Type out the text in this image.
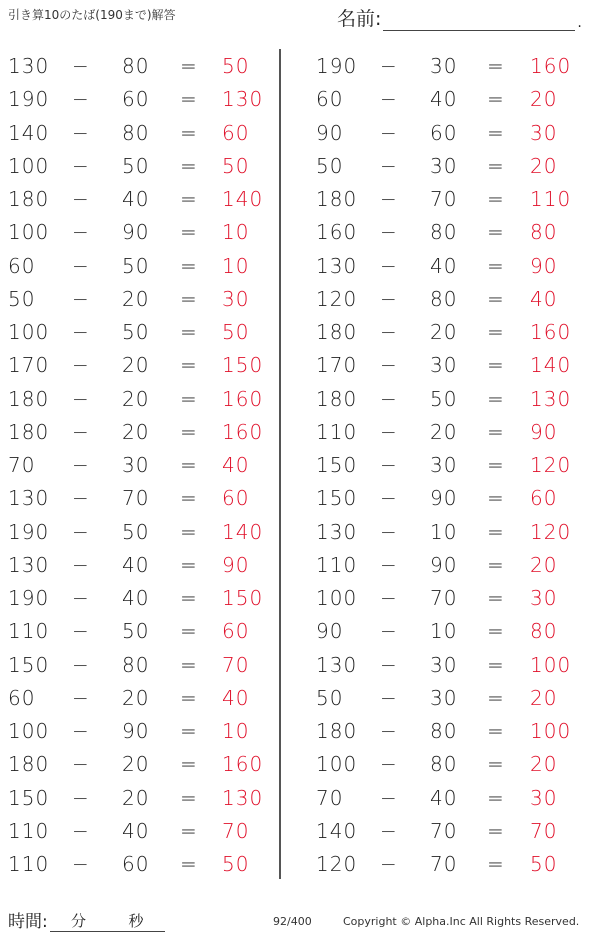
引き算10のたば(190まで)解答	名前:	.
130 − 80 = 50
190 − 60 = 130
140 − 80 = 60
100 − 50 = 50
180 − 40 = 140
100 − 90 = 10
60 − 50 = 10
50 − 20 = 30
100 − 50 = 50
170 − 20 = 150
180 − 20 = 160
180 − 20 = 160
70 − 30 = 40
130 − 70 = 60
190 − 50 = 140
130 − 40 = 90
190 − 40 = 150
110 − 50 = 60
150 − 80 = 70
60 − 20 = 40
100 − 90 = 10
180 − 20 = 160
150 − 20 = 130
110 − 40 = 70
110 − 60 = 50
190 − 30 = 160
60 − 40 = 20
90 − 60 = 30
50 − 30 = 20
180 − 70 = 110
160 − 80 = 80
130 − 40 = 90
120 − 80 = 40
180 − 20 = 160
170 − 30 = 140
180 − 50 = 130
110 − 20 = 90
150 − 30 = 120
150 − 90 = 60
130 − 10 = 120
110 − 90 = 20
100 − 70 = 30
90 − 10 = 80
130 − 30 = 100
50 − 30 = 20
180 − 80 = 100
100 − 80 = 20
70 − 40 = 30
140 − 70 = 70
120 − 70 = 50
時間: 分	秒	92/400	Copyright © Alpha.Inc All Rights Reserved.
